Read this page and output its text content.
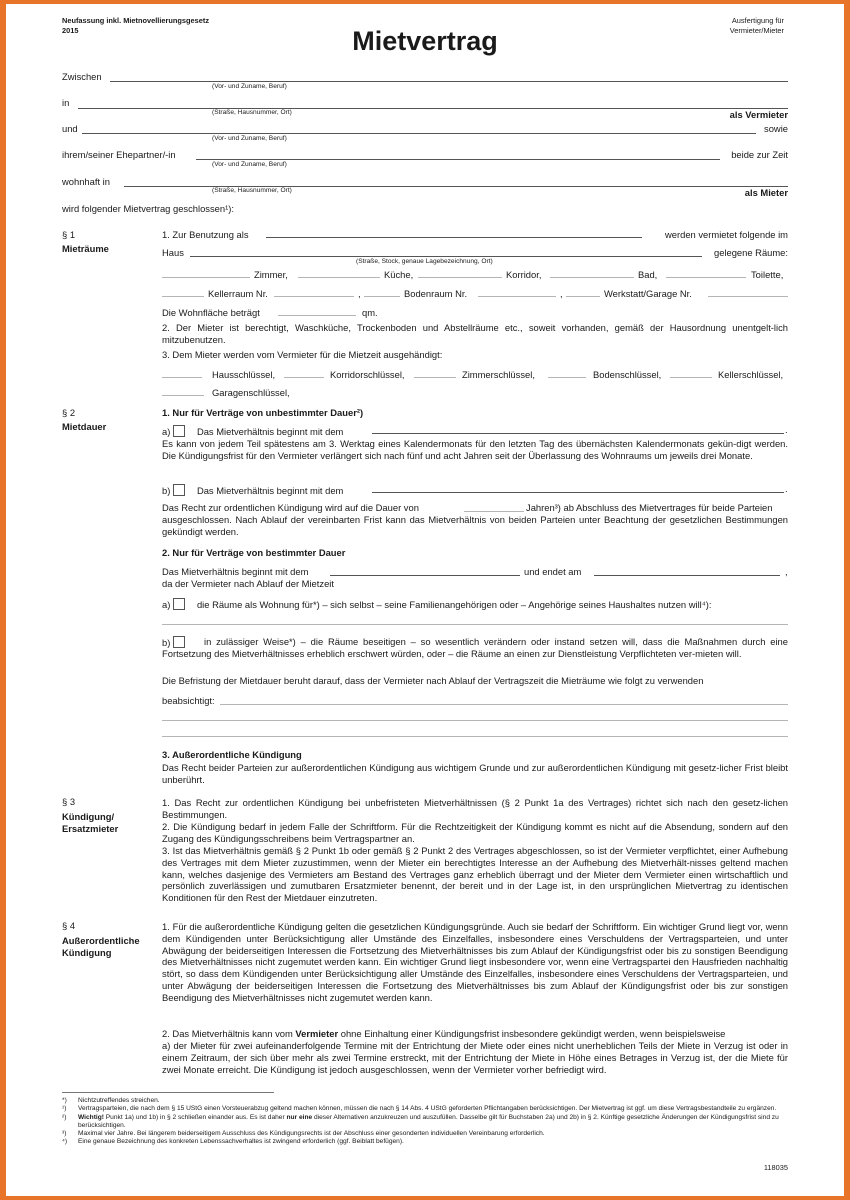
Neufassung inkl. Mietnovellierungsgesetz 2015	Mietvertrag
Ausfertigung für Vermieter/Mieter
Zwischen
(Vor- und Zuname, Beruf)
in
(Straße, Hausnummer, Ort)	als Vermieter
und
(Vor- und Zuname, Beruf)
sowie
ihrem/seiner Ehepartner/-in
(Vor- und Zuname, Beruf)
beide zur Zeit
wohnhaft in
(Straße, Hausnummer, Ort)	als Mieter
wird folgender Mietvertrag geschlossen¹):
§ 1
Mieträume
1. Zur Benutzung als	werden vermietet folgende im
Haus
(Straße, Stock, genaue Lagebezeichnung, Ort)
gelegene Räume:
Zimmer,	Küche,	Korridor,	Bad,	Toilette,
Kellerraum Nr.	,	Bodenraum Nr.	,	Werkstatt/Garage Nr.
Die Wohnfläche beträgt	qm.
2. Der Mieter ist berechtigt, Waschküche, Trockenboden und Abstellräume etc., soweit vorhanden, gemäß der Hausordnung unentgelt-lich mitzubenutzen.
3. Dem Mieter werden vom Vermieter für die Mietzeit ausgehändigt:
Hausschlüssel,	Korridorschlüssel,	Zimmerschlüssel,	Bodenschlüssel,	Kellerschlüssel,
Garagenschlüssel,
§ 2
Mietdauer
1. Nur für Verträge von unbestimmter Dauer²)
a)	Das Mietverhältnis beginnt mit dem	.
Es kann von jedem Teil spätestens am 3. Werktag eines Kalendermonats für den letzten Tag des übernächsten Kalendermonats gekün-digt werden. Die Kündigungsfrist für den Vermieter verlängert sich nach fünf und acht Jahren seit der Überlassung des Wohnraums um jeweils drei Monate.
b)	Das Mietverhältnis beginnt mit dem	.
Das Recht zur ordentlichen Kündigung wird auf die Dauer von	Jahren³) ab Abschluss des Mietvertrages für beide Parteien
ausgeschlossen. Nach Ablauf der vereinbarten Frist kann das Mietverhältnis von beiden Parteien unter Beachtung der gesetzlichen Bestimmungen gekündigt werden.
2. Nur für Verträge von bestimmter Dauer
Das Mietverhältnis beginnt mit dem	und endet am	,
da der Vermieter nach Ablauf der Mietzeit
a)	die Räume als Wohnung für*) – sich selbst – seine Familienangehörigen oder – Angehörige seines Haushaltes nutzen will⁴):
b)	in zulässiger Weise*) – die Räume beseitigen – so wesentlich verändern oder instand setzen will, dass die Maßnahmen durch eine Fortsetzung des Mietverhältnisses erheblich erschwert würden, oder – die Räume an einen zur Dienstleistung Verpflichteten ver-mieten will.
Die Befristung der Mietdauer beruht darauf, dass der Vermieter nach Ablauf der Vertragszeit die Mieträume wie folgt zu verwenden
beabsichtigt:
3. Außerordentliche Kündigung
Das Recht beider Parteien zur außerordentlichen Kündigung aus wichtigem Grunde und zur außerordentlichen Kündigung mit gesetz-licher Frist bleibt unberührt.
§ 3
Kündigung/ Ersatzmieter
1. Das Recht zur ordentlichen Kündigung bei unbefristeten Mietverhältnissen (§ 2 Punkt 1a des Vertrages) richtet sich nach den gesetz-lichen Bestimmungen.
2. Die Kündigung bedarf in jedem Falle der Schriftform. Für die Rechtzeitigkeit der Kündigung kommt es nicht auf die Absendung, sondern auf den Zugang des Kündigungsschreibens beim Vertragspartner an.
3. Ist das Mietverhältnis gemäß § 2 Punkt 1b oder gemäß § 2 Punkt 2 des Vertrages abgeschlossen, so ist der Vermieter verpflichtet, einer Aufhebung des Vertrages mit dem Mieter zuzustimmen, wenn der Mieter ein berechtigtes Interesse an der Aufhebung des Mietverhält-nisses geltend machen kann, welches dasjenige des Vermieters am Bestand des Vertrages ganz erheblich überragt und der Mieter dem Vermieter einen wirtschaftlich und persönlich zuverlässigen und zumutbaren Ersatzmieter benennt, der bereit und in der Lage ist, in den ursprünglichen Mietvertrag zu identischen Konditionen für den Rest der Mietdauer einzutreten.
§ 4
Außerordentliche Kündigung
1. Für die außerordentliche Kündigung gelten die gesetzlichen Kündigungsgründe. Auch sie bedarf der Schriftform. Ein wichtiger Grund liegt vor, wenn dem Kündigenden unter Berücksichtigung aller Umstände des Einzelfalles, insbesondere eines Verschuldens der Vertragsparteien, und unter Abwägung der beiderseitigen Interessen die Fortsetzung des Mietverhältnisses bis zum Ablauf der Kündigungsfrist oder bis zu sonstigen Beendigung des Mietverhältnisses nicht zugemutet werden kann. Ein wichtiger Grund liegt insbesondere vor, wenn eine Vertragspartei den Hausfrieden nachhaltig stört, so dass dem Kündigenden unter Berücksichtigung aller Umstände des Einzelfalles, insbesondere eines Verschuldens der Vertragsparteien, und unter Abwägung der beiderseitigen Interessen die Fortsetzung des Mietverhältnisses bis zum Ablauf der Kündigungsfrist oder bis zur sonstigen Beendigung des Mietverhältnisses nicht zugemutet werden kann.
2. Das Mietverhältnis kann vom Vermieter ohne Einhaltung einer Kündigungsfrist insbesondere gekündigt werden, wenn beispielsweise
a) der Mieter für zwei aufeinanderfolgende Termine mit der Entrichtung der Miete oder eines nicht unerheblichen Teils der Miete in Verzug ist oder in einem Zeitraum, der sich über mehr als zwei Termine erstreckt, mit der Entrichtung der Miete in Höhe eines Betrages in Verzug ist, der die Miete für zwei Monate erreicht. Die Kündigung ist jedoch ausgeschlossen, wenn der Vermieter vorher befriedigt wird.
*) Nichtzutreffendes streichen.
¹) Vertragsparteien, die nach dem § 15 UStG einen Vorsteuerabzug geltend machen können, müssen die nach § 14 Abs. 4 UStG geforderten Pflichtangaben berücksichtigen. Der Mietvertrag ist ggf. um diese Vertragsbestandteile zu ergänzen.
²) Wichtig! Punkt 1a) und 1b) in § 2 schließen einander aus. Es ist daher nur eine dieser Alternativen anzukreuzen und auszufüllen. Dasselbe gilt für Buchstaben 2a) und 2b) in § 2. Künftige gesetzliche Änderungen der Kündigungsfrist sind zu berücksichtigen.
³) Maximal vier Jahre. Bei längerem beiderseitigem Ausschluss des Kündigungsrechts ist der Abschluss einer gesonderten individuellen Vereinbarung erforderlich.
⁴) Eine genaue Bezeichnung des konkreten Lebenssachverhaltes ist zwingend erforderlich (ggf. Beiblatt befügen).
118035
